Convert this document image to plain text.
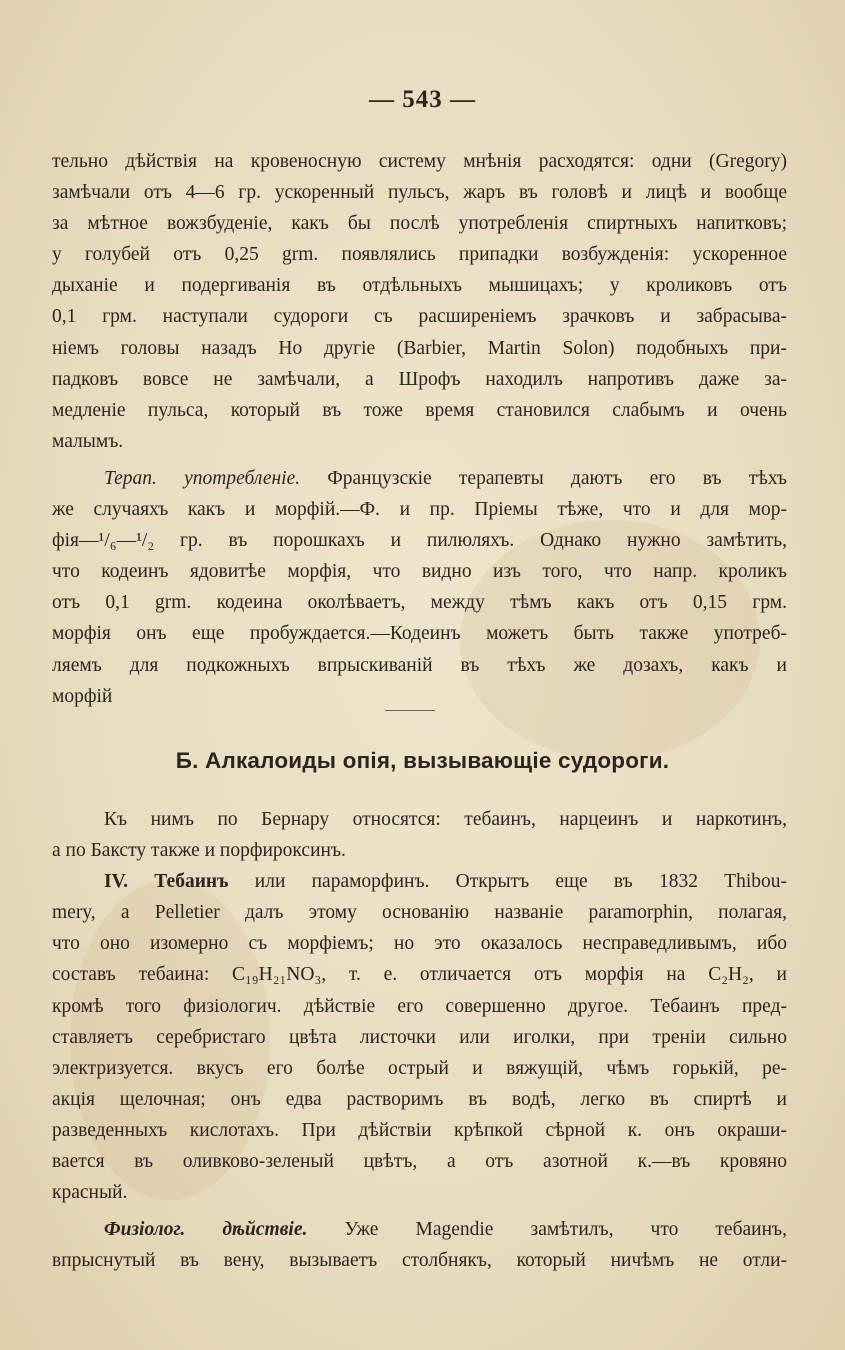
— 543 —
тельно дѣйствія на кровеносную систему мнѣнія расходятся: одни (Gregory)
замѣчали отъ 4—6 гр. ускоренный пульсъ, жаръ въ головѣ и лицѣ и вообще
за мѣтное вожзбуденіе, какъ бы послѣ употребленія спиртныхъ напитковъ;
у голубей отъ 0,25 grm. появлялись припадки возбужденія: ускоренное
дыханіе и подергиванія въ отдѣльныхъ мышицахъ; у кроликовъ отъ
0,1 грм. наступали судороги съ расширеніемъ зрачковъ и забрасыва-
ніемъ головы назадъ Но другіе (Barbier, Martin Solon) подобныхъ при-
падковъ вовсе не замѣчали, а Шрофъ находилъ напротивъ даже за-
медленіе пульса, который въ тоже время становился слабымъ и очень
малымъ.
Терап. употребленіе. Французскіе терапевты даютъ его въ тѣхъ
же случаяхъ какъ и морфій.—Ф. и пр. Пріемы тѣже, что и для мор-
фія—¹/₆—¹/₂ гр. въ порошкахъ и пилюляхъ. Однако нужно замѣтить,
что кодеинъ ядовитѣе морфія, что видно изъ того, что напр. кроликъ
отъ 0,1 grm. кодеина околѣваетъ, между тѣмъ какъ отъ 0,15 грм.
морфія онъ еще пробуждается.—Кодеинъ можетъ быть также употреб-
ляемъ для подкожныхъ впрыскиваній въ тѣхъ же дозахъ, какъ и
морфій
Б. Алкалоиды опія, вызывающіе судороги.
Къ нимъ по Бернару относятся: тебаинъ, нарцеинъ и наркотинъ,
а по Баксту также и порфироксинъ.
IV. Тебаинъ или параморфинъ. Открытъ еще въ 1832 Thibou-
mery, а Pelletier далъ этому основанію названіе paramorphin, полагая,
что оно изомерно съ морфіемъ; но это оказалось несправедливымъ, ибо
составъ тебаина: C₁₉H₂₁NO₃, т. е. отличается отъ морфія на C₂H₂, и
кромѣ того физіологич. дѣйствіе его совершенно другое. Тебаинъ пред-
ставляетъ серебристаго цвѣта листочки или иголки, при треніи сильно
электризуется. вкусъ его болѣе острый и вяжущій, чѣмъ горькій, ре-
акція щелочная; онъ едва растворимъ въ водѣ, легко въ спиртѣ и
разведенныхъ кислотахъ. При дѣйствіи крѣпкой сѣрной к. онъ окраши-
вается въ оливково-зеленый цвѣтъ, а отъ азотной к.—въ кровяно
красный.
Физіолог. дѣйствіе. Уже Magendie замѣтилъ, что тебаинъ,
впрыснутый въ вену, вызываетъ столбнякъ, который ничѣмъ не отли-
